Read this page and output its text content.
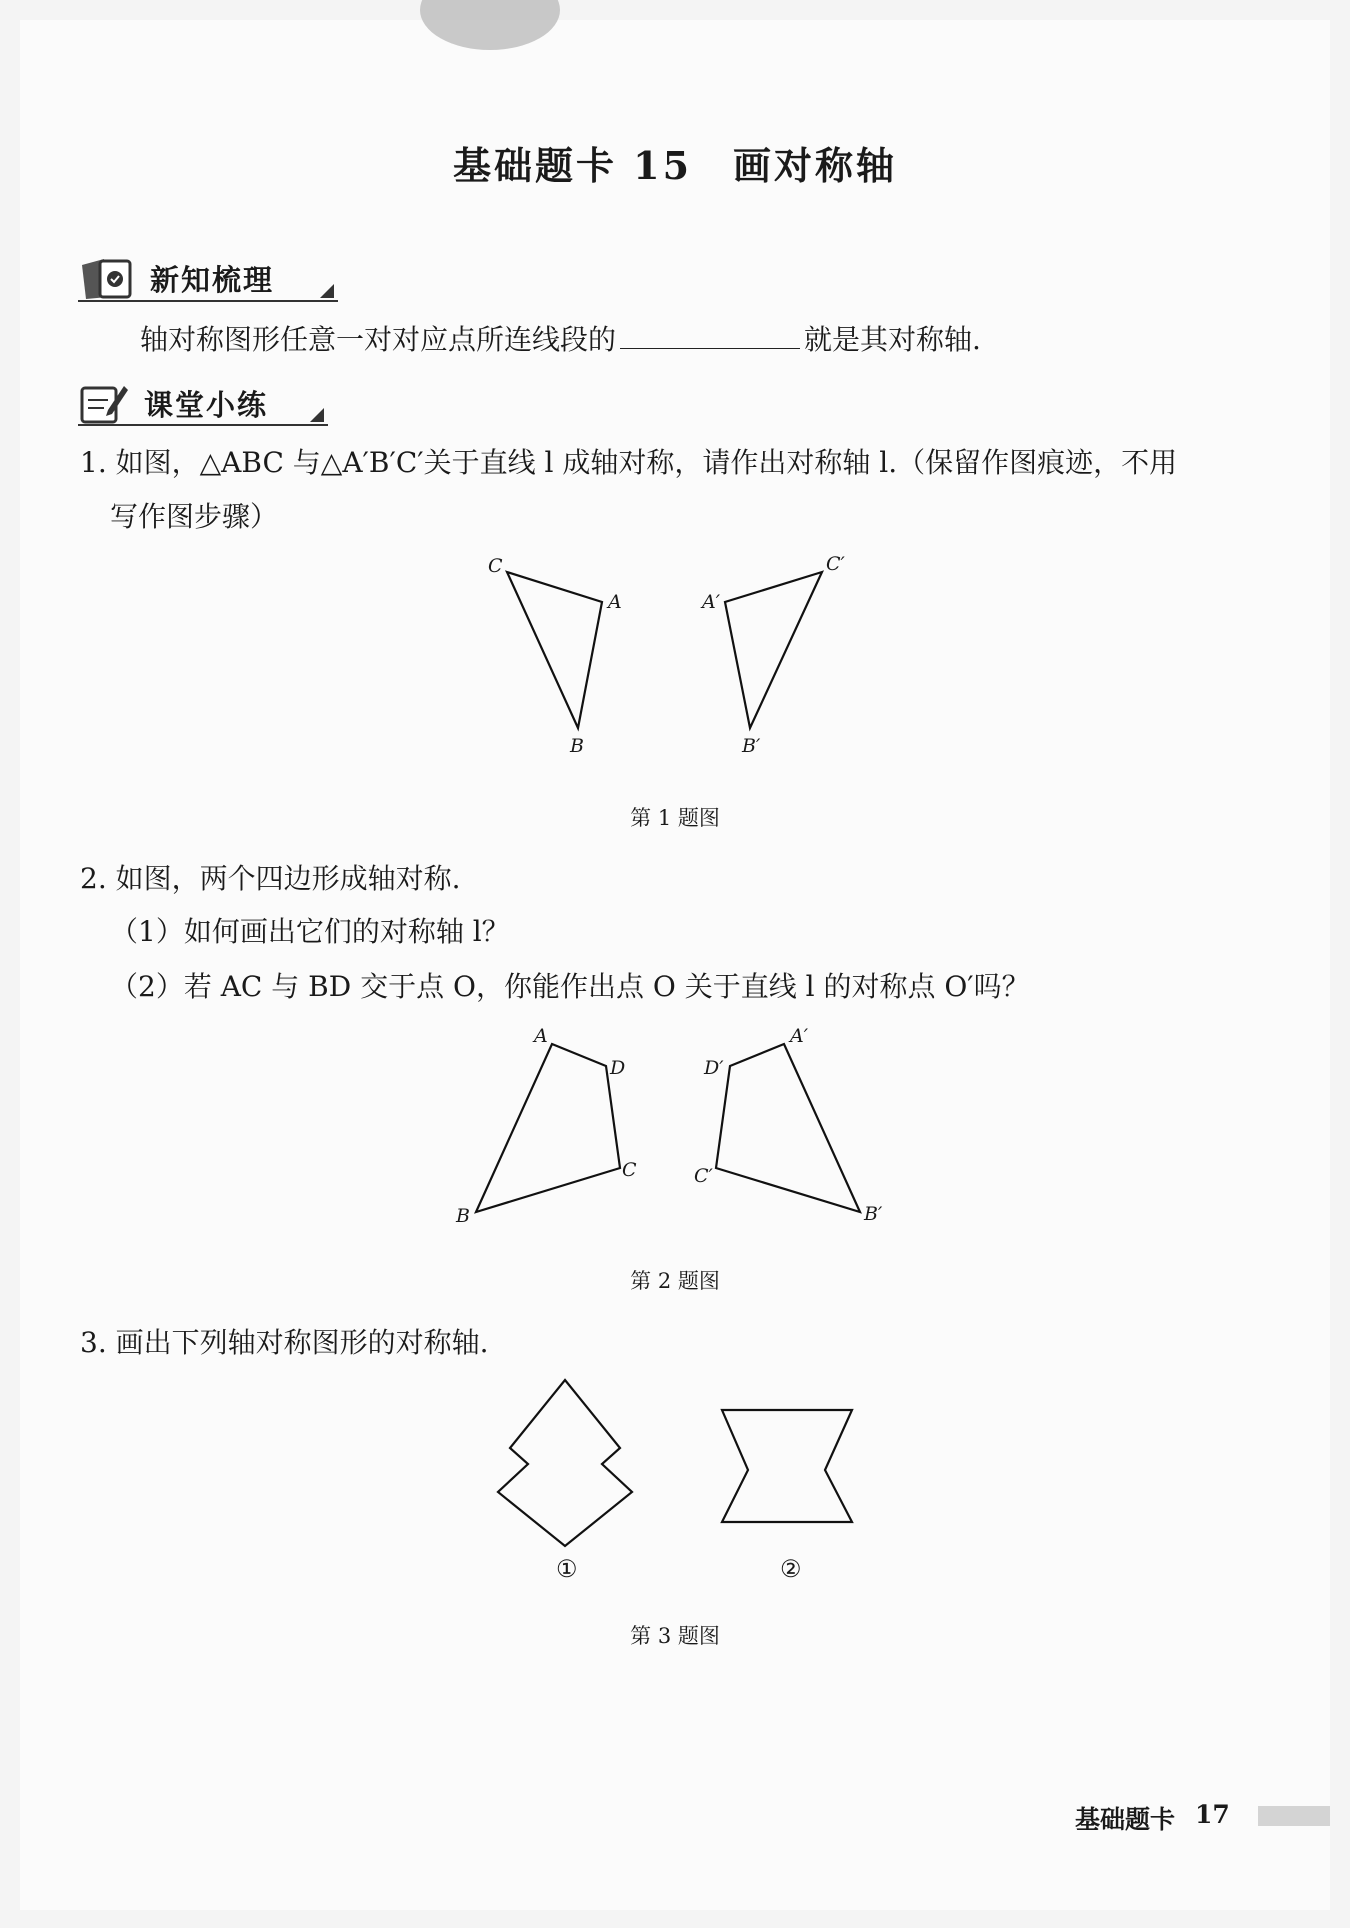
基础题卡 15　画对称轴
新知梳理
轴对称图形任意一对对应点所连线段的	就是其对称轴.
课堂小练
1. 如图，△ABC 与△A′B′C′关于直线 l 成轴对称，请作出对称轴 l.（保留作图痕迹，不用
写作图步骤）
C
A
B
C′
A′
B′
第 1 题图
2. 如图，两个四边形成轴对称.
（1）如何画出它们的对称轴 l？
（2）若 AC 与 BD 交于点 O，你能作出点 O 关于直线 l 的对称点 O′吗？
A
D
C
B
A′
D′
C′
B′
第 2 题图
3. 画出下列轴对称图形的对称轴.
①	②
第 3 题图
基础题卡 17
